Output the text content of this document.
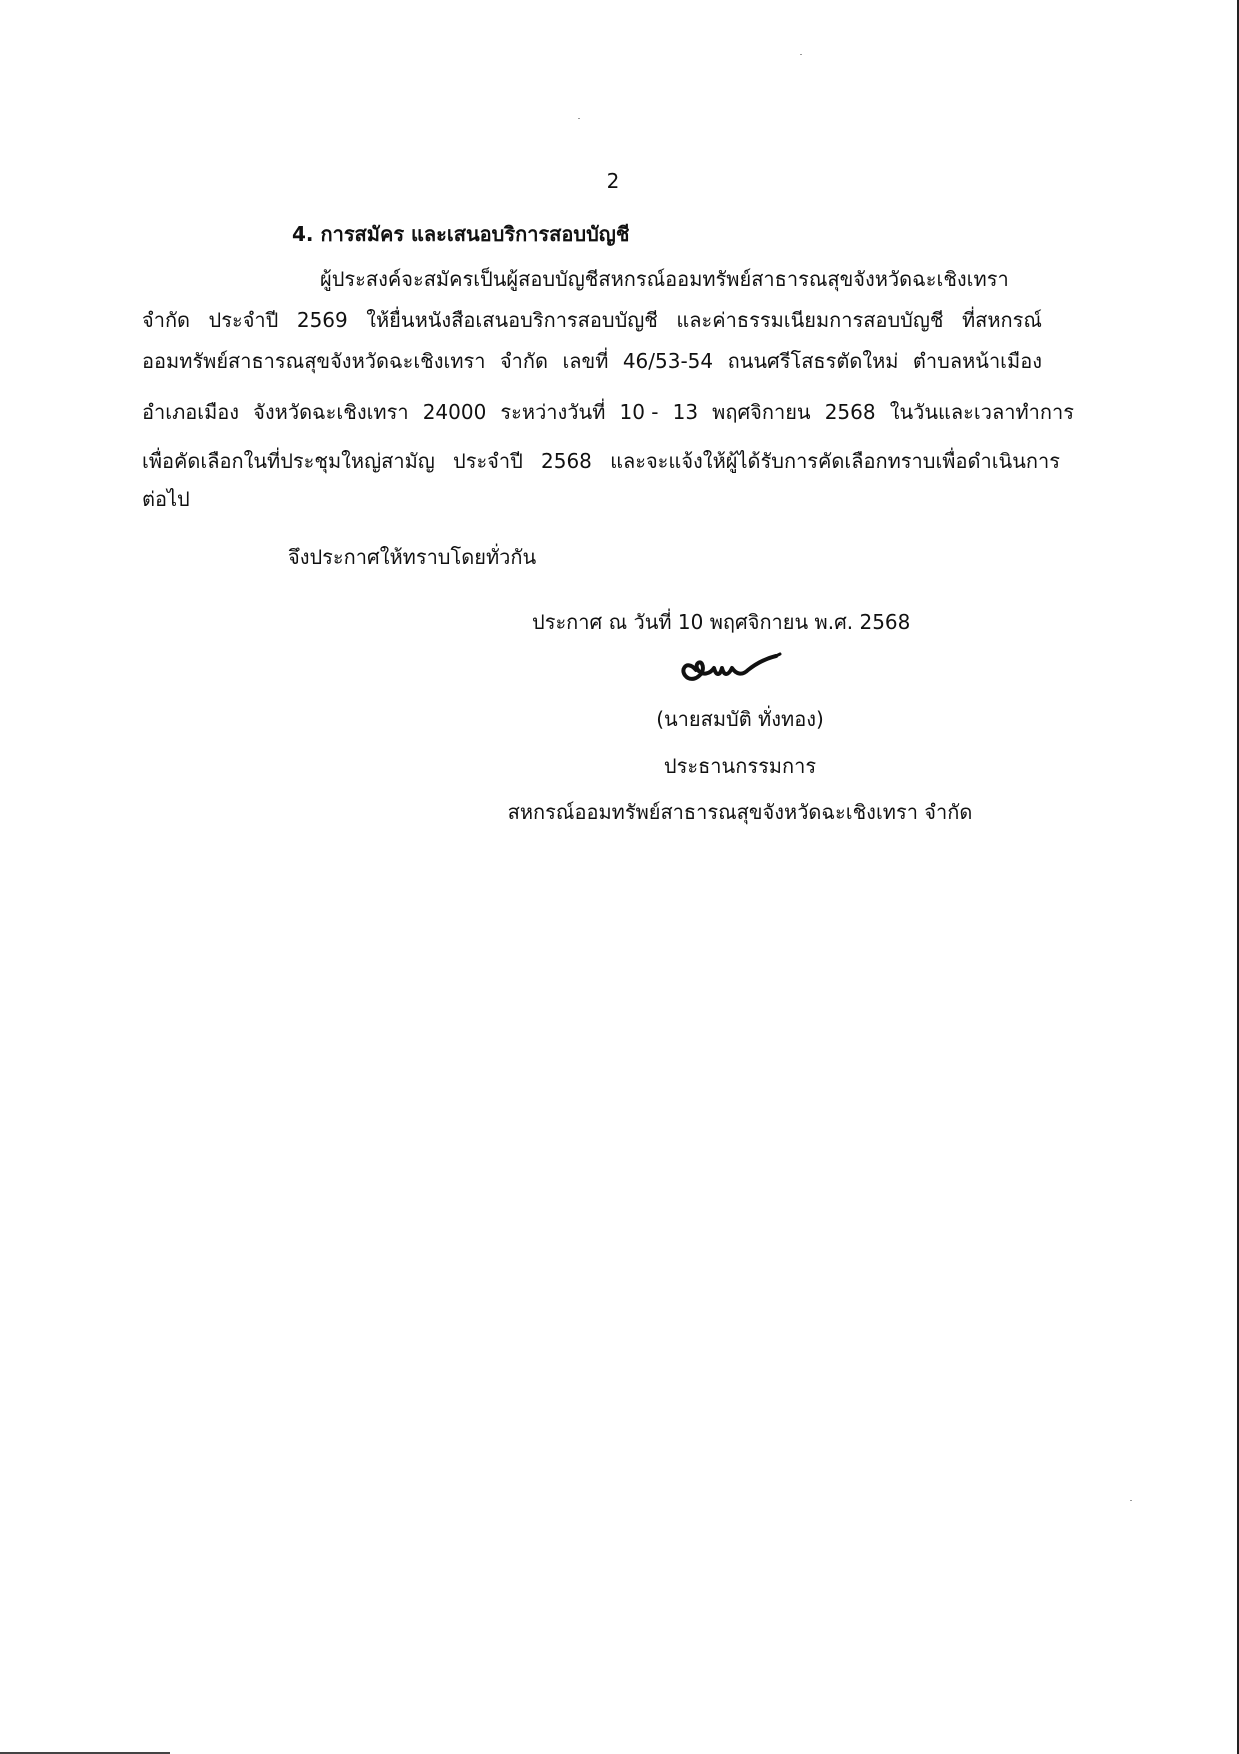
2
4. การสมัคร และเสนอบริการสอบบัญชี
ผู้ประสงค์จะสมัครเป็นผู้สอบบัญชีสหกรณ์ออมทรัพย์สาธารณสุขจังหวัดฉะเชิงเทรา
จำกัด ประจำปี 2569 ให้ยื่นหนังสือเสนอบริการสอบบัญชี และค่าธรรมเนียมการสอบบัญชี ที่สหกรณ์
ออมทรัพย์สาธารณสุขจังหวัดฉะเชิงเทรา จำกัด เลขที่ 46/53-54 ถนนศรีโสธรตัดใหม่ ตำบลหน้าเมือง
อำเภอเมือง จังหวัดฉะเชิงเทรา 24000 ระหว่างวันที่ 10 - 13 พฤศจิกายน 2568 ในวันและเวลาทำการ
เพื่อคัดเลือกในที่ประชุมใหญ่สามัญ ประจำปี 2568 และจะแจ้งให้ผู้ได้รับการคัดเลือกทราบเพื่อดำเนินการ
ต่อไป
จึงประกาศให้ทราบโดยทั่วกัน
ประกาศ ณ วันที่ 10 พฤศจิกายน พ.ศ. 2568
(นายสมบัติ ทั่งทอง)
ประธานกรรมการ
สหกรณ์ออมทรัพย์สาธารณสุขจังหวัดฉะเชิงเทรา จำกัด
